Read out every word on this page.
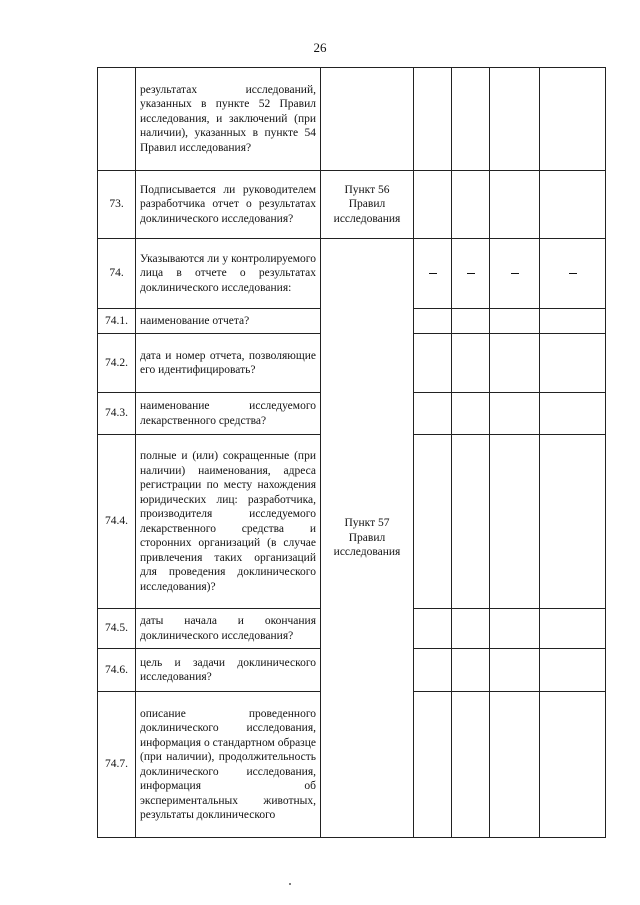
26
	результатах исследований, указанных в пункте 52 Правил исследования, и заключений (при наличии), указанных в пункте 54 Правил исследования?					
73.	Подписывается ли руководителем разработчика отчет о результатах доклинического исследования?	Пункт 56 Правил исследования				
74.	Указываются ли у контролируемого лица в отчете о результатах доклинического исследования:	Пункт 57 Правил исследования				
74.1.	наименование отчета?					
74.2.	дата и номер отчета, позволяющие его идентифицировать?					
74.3.	наименование исследуемого лекарственного средства?					
74.4.	полные и (или) сокращенные (при наличии) наименования, адреса регистрации по месту нахождения юридических лиц: разработчика, производителя исследуемого лекарственного средства и сторонних организаций (в случае привлечения таких организаций для проведения доклинического исследования)?					
74.5.	даты начала и окончания доклинического исследования?					
74.6.	цель и задачи доклинического исследования?					
74.7.	описание проведенного доклинического исследования, информация о стандартном образце (при наличии), продолжительность доклинического исследования, информация об экспериментальных животных, результаты доклинического					
